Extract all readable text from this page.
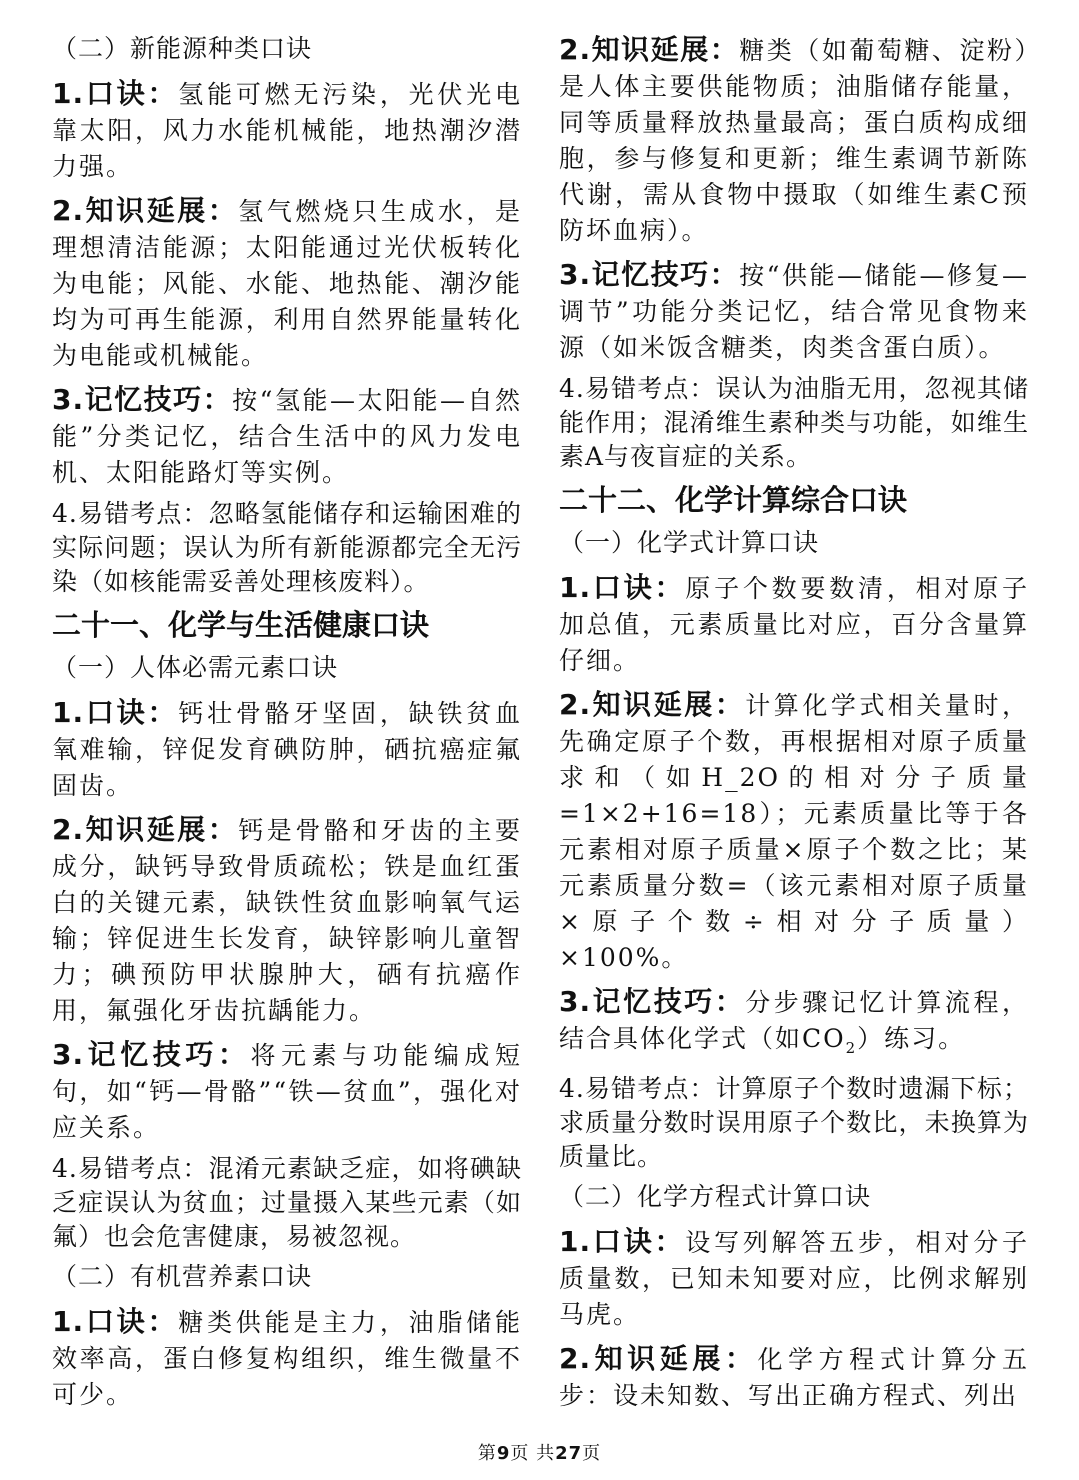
（二）新能源种类口诀

1.口诀：氢能可燃无污染，光伏光电靠太阳，风力水能机械能，地热潮汐潜力强。

2.知识延展：氢气燃烧只生成水，是理想清洁能源；太阳能通过光伏板转化为电能；风能、水能、地热能、潮汐能均为可再生能源，利用自然界能量转化为电能或机械能。

3.记忆技巧：按“氢能—太阳能—自然能”分类记忆，结合生活中的风力发电机、太阳能路灯等实例。

4.易错考点：忽略氢能储存和运输困难的实际问题；误认为所有新能源都完全无污染（如核能需妥善处理核废料）。

二十一、化学与生活健康口诀
（一）人体必需元素口诀

1.口诀：钙壮骨骼牙坚固，缺铁贫血氧难输，锌促发育碘防肿，硒抗癌症氟固齿。

2.知识延展：钙是骨骼和牙齿的主要成分，缺钙导致骨质疏松；铁是血红蛋白的关键元素，缺铁性贫血影响氧气运输；锌促进生长发育，缺锌影响儿童智力；碘预防甲状腺肿大，硒有抗癌作用，氟强化牙齿抗龋能力。

3.记忆技巧：将元素与功能编成短句，如“钙—骨骼”“铁—贫血”，强化对应关系。

4.易错考点：混淆元素缺乏症，如将碘缺乏症误认为贫血；过量摄入某些元素（如氟）也会危害健康，易被忽视。

（二）有机营养素口诀

1.口诀：糖类供能是主力，油脂储能效率高，蛋白修复构组织，维生微量不可少。

2.知识延展：糖类（如葡萄糖、淀粉）是人体主要供能物质；油脂储存能量，同等质量释放热量最高；蛋白质构成细胞，参与修复和更新；维生素调节新陈代谢，需从食物中摄取（如维生素C预防坏血病）。

3.记忆技巧：按“供能—储能—修复—调节”功能分类记忆，结合常见食物来源（如米饭含糖类，肉类含蛋白质）。

4.易错考点：误认为油脂无用，忽视其储能作用；混淆维生素种类与功能，如维生素A与夜盲症的关系。

二十二、化学计算综合口诀
（一）化学式计算口诀

1.口诀：原子个数要数清，相对原子加总值，元素质量比对应，百分含量算仔细。

2.知识延展：计算化学式相关量时，先确定原子个数，再根据相对原子质量求和（如H_2O的相对分子质量=1×2+16=18）；元素质量比等于各元素相对原子质量×原子个数之比；某元素质量分数=（该元素相对原子质量×原子个数÷相对分子质量）×100%。

3.记忆技巧：分步骤记忆计算流程，结合具体化学式（如$CO_2$）练习。

4.易错考点：计算原子个数时遗漏下标；求质量分数时误用原子个数比，未换算为质量比。

（二）化学方程式计算口诀

1.口诀：设写列解答五步，相对分子质量数，已知未知要对应，比例求解别马虎。

2.知识延展：化学方程式计算分五步：设未知数、写出正确方程式、列出

第9页 共27页
